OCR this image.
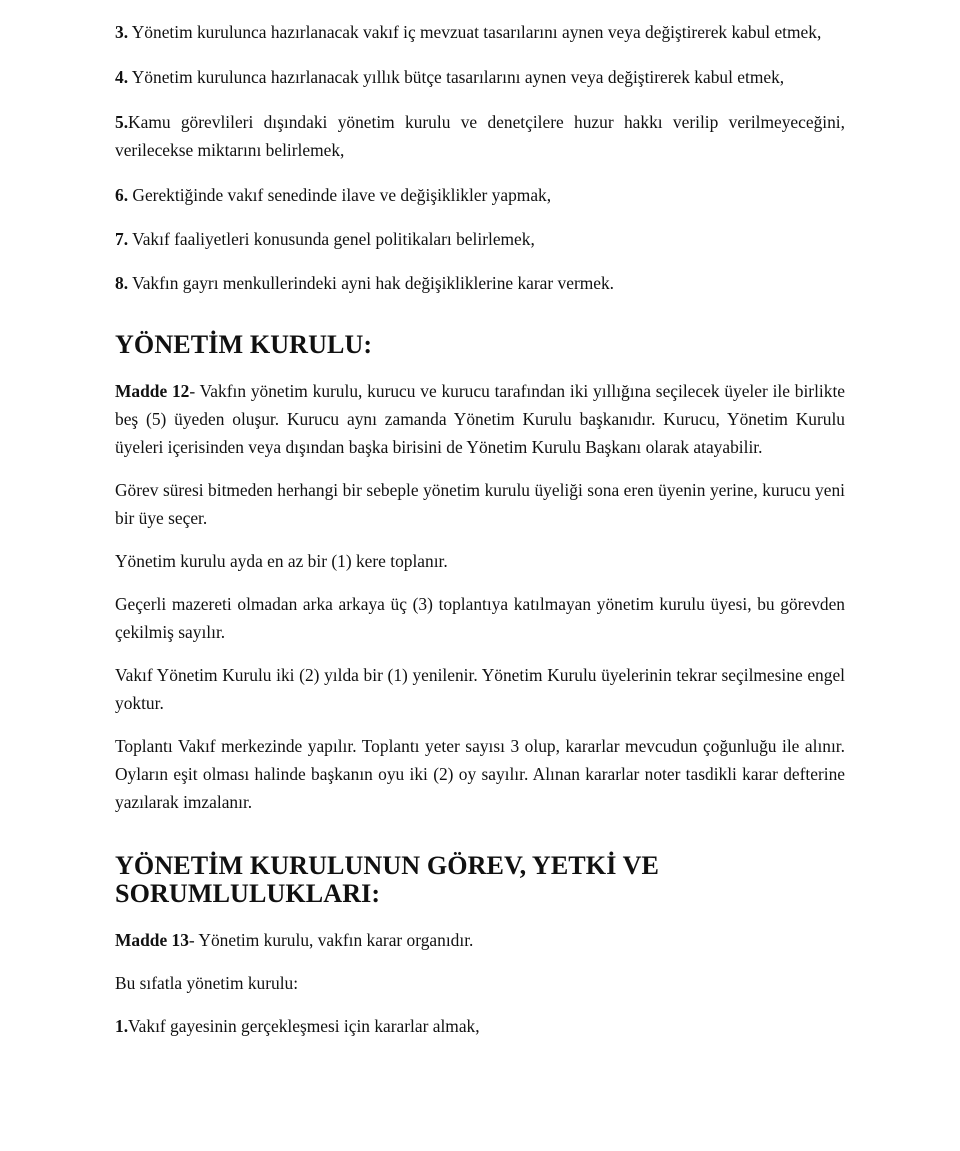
3. Yönetim kurulunca hazırlanacak vakıf iç mevzuat tasarılarını aynen veya değiştirerek kabul etmek,

4. Yönetim kurulunca hazırlanacak yıllık bütçe tasarılarını aynen veya değiştirerek kabul etmek,

5.Kamu görevlileri dışındaki yönetim kurulu ve denetçilere huzur hakkı verilip verilmeyeceğini, verilecekse miktarını belirlemek,

6. Gerektiğinde vakıf senedinde ilave ve değişiklikler yapmak,

7. Vakıf faaliyetleri konusunda genel politikaları belirlemek,

8. Vakfın gayrı menkullerindeki ayni hak değişikliklerine karar vermek.

YÖNETİM KURULU:

Madde 12- Vakfın yönetim kurulu, kurucu ve kurucu tarafından iki yıllığına seçilecek üyeler ile birlikte beş (5) üyeden oluşur. Kurucu aynı zamanda Yönetim Kurulu başkanıdır. Kurucu, Yönetim Kurulu üyeleri içerisinden veya dışından başka birisini de Yönetim Kurulu Başkanı olarak atayabilir.

Görev süresi bitmeden herhangi bir sebeple yönetim kurulu üyeliği sona eren üyenin yerine, kurucu yeni bir üye seçer.

Yönetim kurulu ayda en az bir (1) kere toplanır.

Geçerli mazereti olmadan arka arkaya üç (3) toplantıya katılmayan yönetim kurulu üyesi, bu görevden çekilmiş sayılır.

Vakıf Yönetim Kurulu iki (2) yılda bir (1) yenilenir. Yönetim Kurulu üyelerinin tekrar seçilmesine engel yoktur.

Toplantı Vakıf merkezinde yapılır. Toplantı yeter sayısı 3 olup, kararlar mevcudun çoğunluğu ile alınır. Oyların eşit olması halinde başkanın oyu iki (2) oy sayılır. Alınan kararlar noter tasdikli karar defterine yazılarak imzalanır.

YÖNETİM KURULUNUN GÖREV, YETKİ VE SORUMLULUKLARI:

Madde 13- Yönetim kurulu, vakfın karar organıdır.

Bu sıfatla yönetim kurulu:

1.Vakıf gayesinin gerçekleşmesi için kararlar almak,
